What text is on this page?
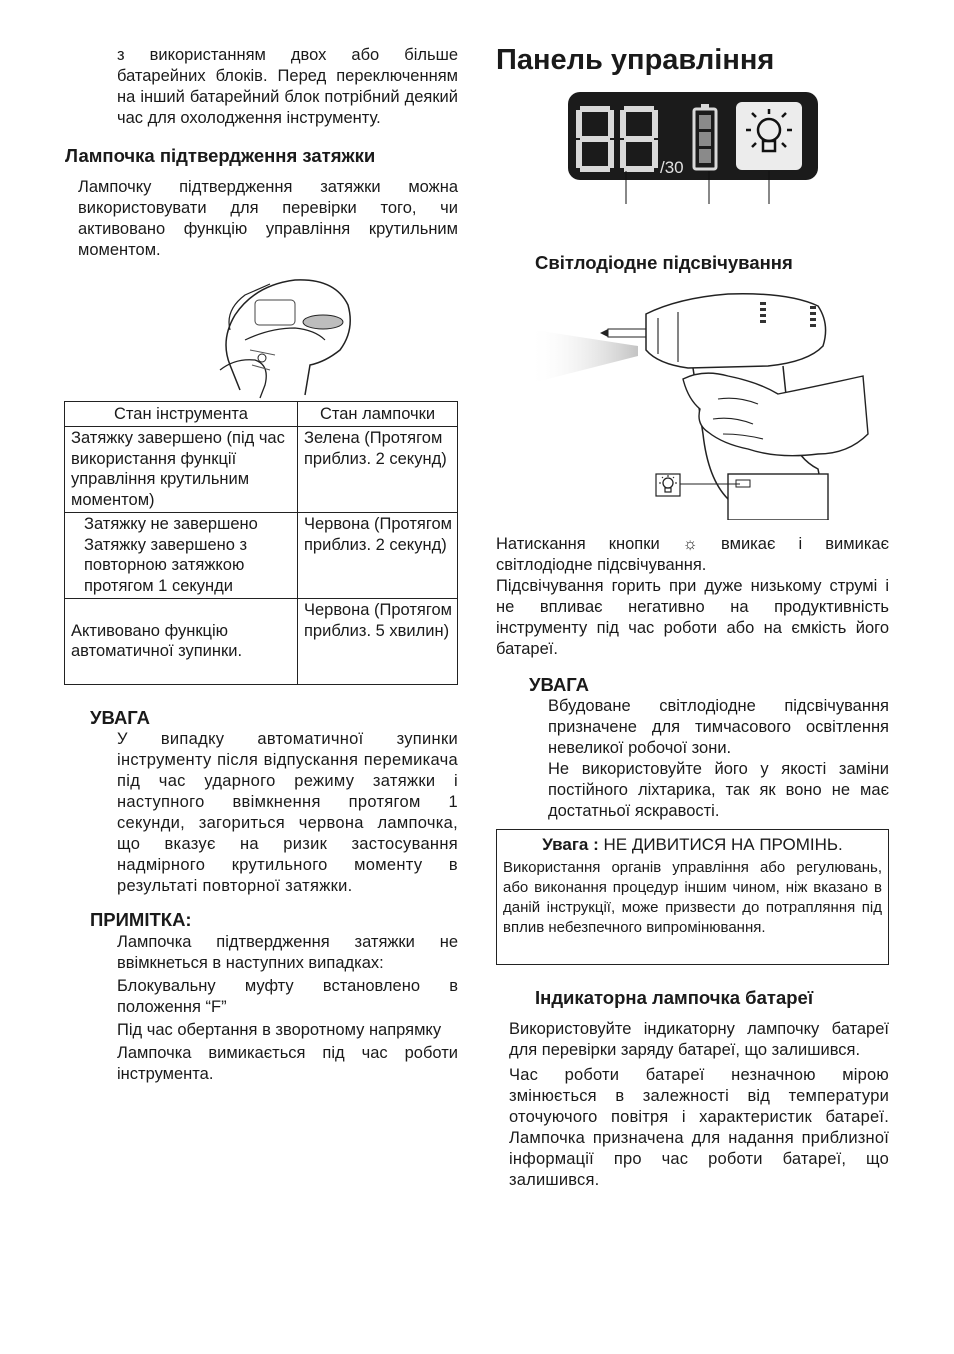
з використанням двох або більше батарейних блоків. Перед переключенням на інший батарейний блок потрібний деякий час для охолодження інструменту.

Лампочка підтвердження затяжки

Лампочку підтвердження затяжки можна використовувати для перевірки того, чи активовано функцію управління крутильним моментом.

Стан інструмента	Стан лампочки
Затяжку завершено (під час використання функції управління крутильним моментом)	Зелена (Протягом приблиз. 2 секунд)
Затяжку не завершено Затяжку завершено з повторною затяжкою протягом 1 секунди	Червона (Протягом приблиз. 2 секунд)
Активовано функцію автоматичної зупинки.	Червона (Протягом приблиз. 5 хвилин)
УВАГА

У випадку автоматичної зупинки інструменту після відпускання перемикача під час ударного режиму затяжки і наступного ввімкнення протягом 1 секунди, загориться червона лампочка, що вказує на ризик застосування надмірного крутильного моменту в результаті повторної затяжки.

ПРИМІТКА:

Лампочка підтвердження затяжки не ввімкнеться в наступних випадках:

Блокувальну муфту встановлено в положення “F”

Під час обертання в зворотному напрямку

Лампочка вимикається під час роботи інструмента.

Панель управління
/30
Світлодіодне підсвічування

Натискання кнопки ☼ вмикає і вимикає світлодіодне підсвічування.

Підсвічування горить при дуже низькому струмі і не впливає негативно на продуктивність інструменту під час роботи або на ємкість його батареї.

УВАГА

Вбудоване світлодіодне підсвічування призначене для тимчасового освітлення невеликої робочої зони.

Не використовуйте його у якості заміни постійного ліхтарика, так як воно не має достатньої яскравості.

Увага : НЕ ДИВИТИСЯ НА ПРОМІНЬ.

Використання органів управління або регулювань, або виконання процедур іншим чином, ніж вказано в даній інструкції, може призвести до потрапляння під вплив небезпечного випромінювання.

Індикаторна лампочка батареї

Використовуйте індикаторну лампочку батареї для перевірки заряду батареї, що залишився.

Час роботи батареї незначною мірою змінюється в залежності від температури оточуючого повітря і характеристик батареї. Лампочка призначена для надання приблизної інформації про час роботи батареї, що залишився.
